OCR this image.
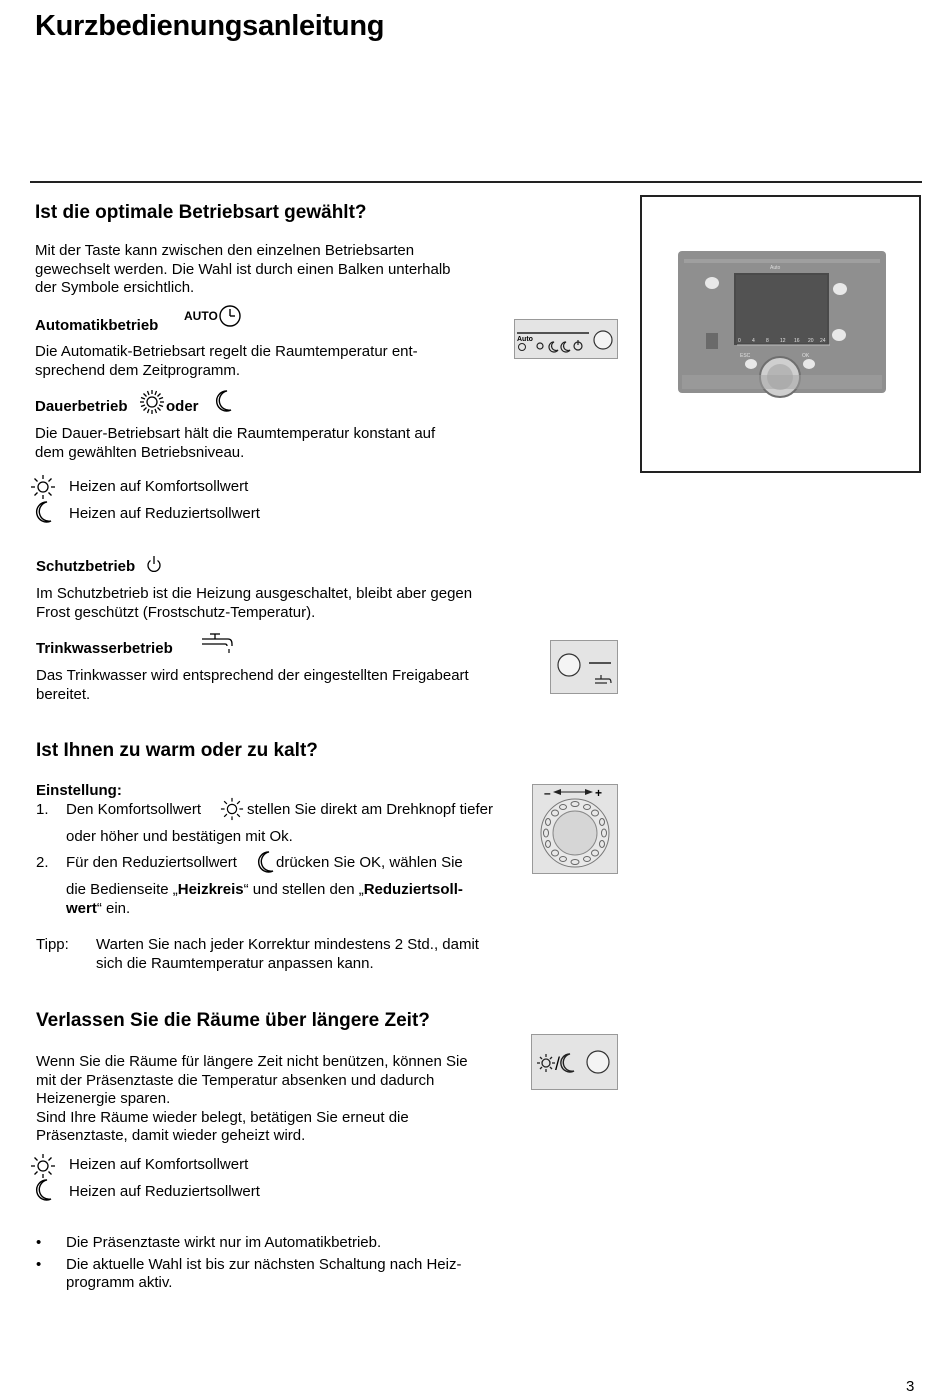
Kurzbedienungsanleitung
Ist die optimale Betriebsart gewählt?
Mit der Taste kann zwischen den einzelnen Betriebsarten
gewechselt werden. Die Wahl ist durch einen Balken unterhalb
der Symbole ersichtlich.
Automatikbetrieb
AUTO
Die Automatik-Betriebsart regelt die Raumtemperatur ent-
sprechend dem Zeitprogramm.
Dauerbetrieb	oder
Die Dauer-Betriebsart hält die Raumtemperatur konstant auf
dem gewählten Betriebsniveau.
Heizen auf Komfortsollwert
Heizen auf Reduziertsollwert
Auto
Auto
0 4 8 12 16 20 24
ESC	OK
Schutzbetrieb
Im Schutzbetrieb ist die Heizung ausgeschaltet, bleibt aber gegen
Frost geschützt (Frostschutz-Temperatur).
Trinkwasserbetrieb
Das Trinkwasser wird entsprechend der eingestellten Freigabeart
bereitet.
Ist Ihnen zu warm oder zu kalt?
Einstellung:
1. Den Komfortsollwert	stellen Sie direkt am Drehknopf tiefer
oder höher und bestätigen mit Ok.
2. Für den Reduziertsollwert	drücken Sie OK, wählen Sie
die Bedienseite „Heizkreis“ und stellen den „Reduziertsoll-
wert“ ein.
Tipp: Warten Sie nach jeder Korrektur mindestens 2 Std., damit
sich die Raumtemperatur anpassen kann.
–	+
Verlassen Sie die Räume über längere Zeit?
Wenn Sie die Räume für längere Zeit nicht benützen, können Sie
mit der Präsenztaste die Temperatur absenken und dadurch
Heizenergie sparen.
Sind Ihre Räume wieder belegt, betätigen Sie erneut die
Präsenztaste, damit wieder geheizt wird.
/
Heizen auf Komfortsollwert
Heizen auf Reduziertsollwert
• Die Präsenztaste wirkt nur im Automatikbetrieb.
• Die aktuelle Wahl ist bis zur nächsten Schaltung nach Heiz-
programm aktiv.
3
